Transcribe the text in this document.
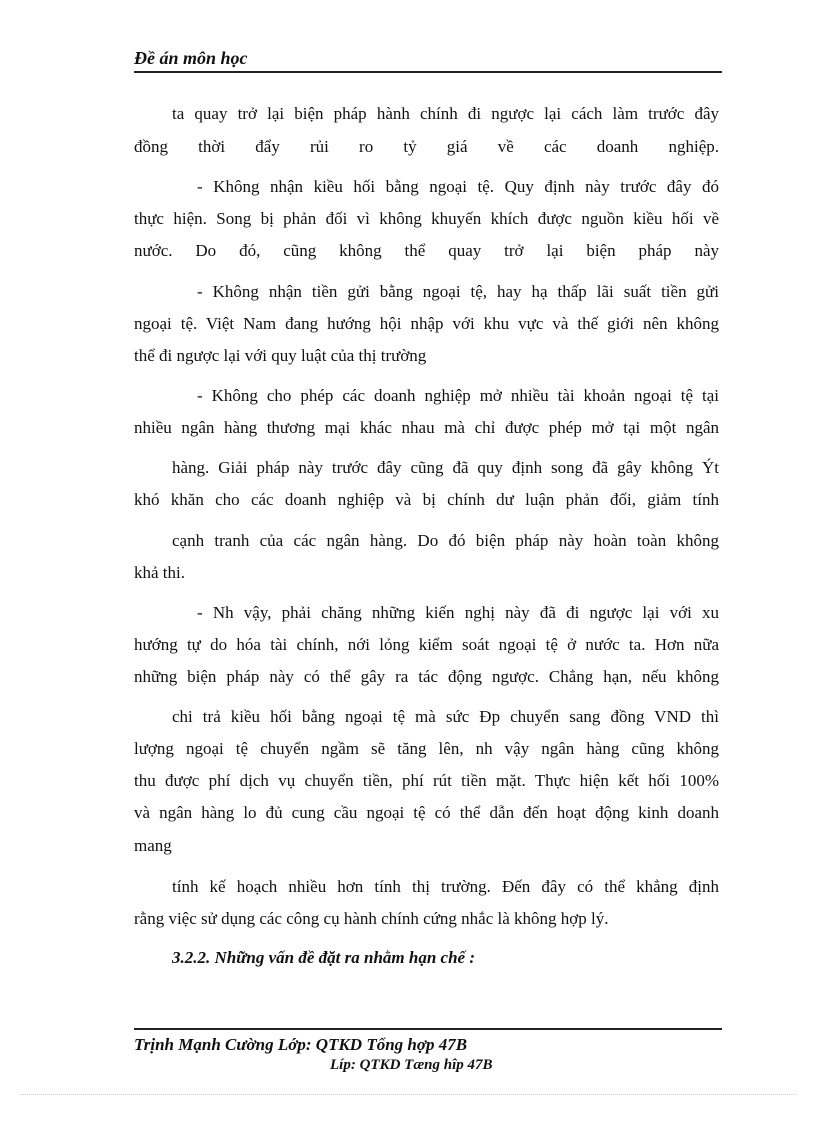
Đề án môn học
ta quay trở lại biện pháp hành chính đi ngược lại cách làm trước đây
đồng thời đẩy rủi ro tỷ giá về các doanh nghiệp.
- Không nhận kiều hối bằng ngoại tệ. Quy định này trước đây đó
thực hiện. Song bị phản đối vì không khuyến khích được nguồn kiều hối về
nước. Do đó, cũng không thể quay trở lại biện pháp này
- Không nhận tiền gửi bằng ngoại tệ, hay hạ thấp lãi suất tiền gửi
ngoại tệ. Việt Nam đang hướng hội nhập với khu vực và thế giới nên không
thể đi ngược lại với quy luật của thị trường
- Không cho phép các doanh nghiệp mở nhiều tài khoản ngoại tệ tại
nhiều ngân hàng thương mại khác nhau mà chỉ được phép mở tại một ngân
hàng. Giải pháp này trước đây cũng đã quy định song đã gây không Ýt
khó khăn cho các doanh nghiệp và bị chính dư luận phản đối, giảm tính
cạnh tranh của các ngân hàng. Do đó biện pháp này hoàn toàn không
khả thi.
- Nh vậy, phải chăng những kiến nghị này đã đi ngược lại với xu
hướng tự do hóa tài chính, nới lỏng kiểm soát ngoại tệ ở nước ta. Hơn nữa
những biện pháp này có thể gây ra tác động ngược. Chẳng hạn, nếu không
chi trả kiều hối bằng ngoại tệ mà sức Ðp chuyển sang đồng VND thì
lượng ngoại tệ chuyển ngầm sẽ tăng lên, nh vậy ngân hàng cũng không
thu được phí dịch vụ chuyển tiền, phí rút tiền mặt. Thực hiện kết hối 100%
và ngân hàng lo đủ cung cầu ngoại tệ có thể dẫn đến hoạt động kinh doanh
mang
tính kế hoạch nhiều hơn tính thị trường. Đến đây có thể khẳng định
rằng việc sử dụng các công cụ hành chính cứng nhắc là không hợp lý.
3.2.2. Những vấn đề đặt ra nhằm hạn chế :
Trịnh Mạnh Cường Lớp: QTKD Tổng hợp 47B
Líp: QTKD Tæng hîp 47B
